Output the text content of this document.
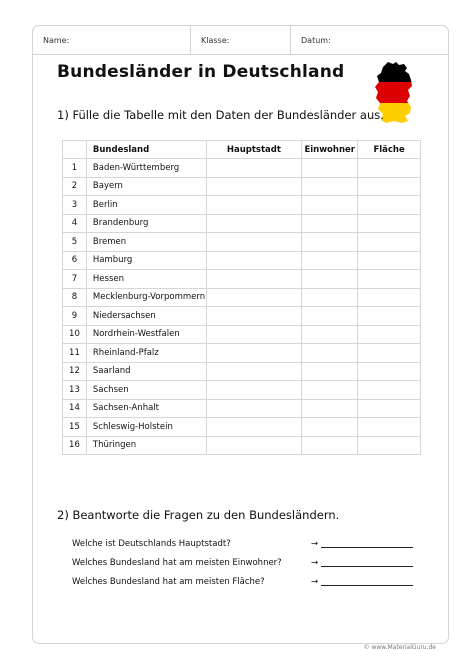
Name:	Klasse:	Datum:
Bundesländer in Deutschland
1) Fülle die Tabelle mit den Daten der Bundesländer aus.
	Bundesland	Hauptstadt	Einwohner	Fläche
1	Baden-Württemberg			
2	Bayern			
3	Berlin			
4	Brandenburg			
5	Bremen			
6	Hamburg			
7	Hessen			
8	Mecklenburg-Vorpommern			
9	Niedersachsen			
10	Nordrhein-Westfalen			
11	Rheinland-Pfalz			
12	Saarland			
13	Sachsen			
14	Sachsen-Anhalt			
15	Schleswig-Holstein			
16	Thüringen			
2) Beantworte die Fragen zu den Bundesländern.
Welche ist Deutschlands Hauptstadt?	→
Welches Bundesland hat am meisten Einwohner?	→
Welches Bundesland hat am meisten Fläche?	→
© www.MaterialGuru.de
